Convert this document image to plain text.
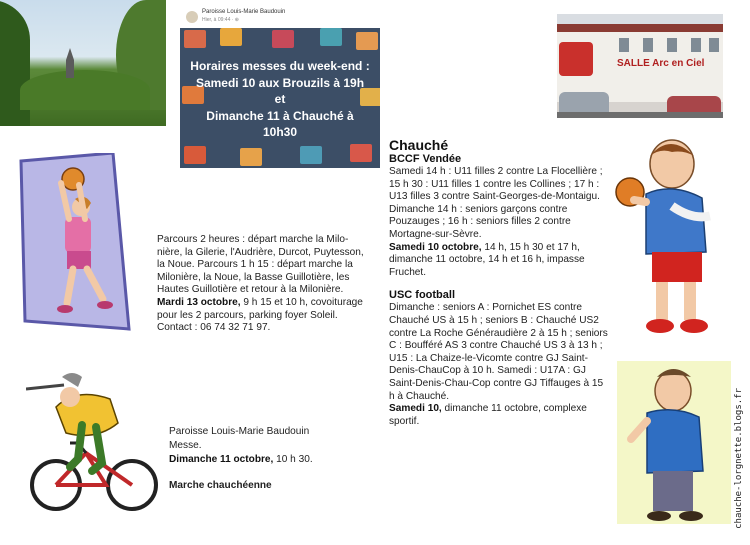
Paroisse Louis-Marie Baudouin
Hier, à 09:44 · ⊕
Horaires messes du week-end :
Samedi 10 aux Brouzils à 19h
et
Dimanche 11 à Chauché à
10h30
SALLE Arc en Ciel

Parcours 2 heures : départ marche la Milonière, la Gilerie, l'Audrière, Durcot, Puytesson, la Noue. Parcours 1 h 15 : départ marche la Milonière, la Noue, la Basse Guillotière, les Hautes Guillotière et retour à la Milonière.

Mardi 13 octobre, 9 h 15 et 10 h, covoiturage pour les 2 parcours, parking foyer Soleil. Contact : 06 74 32 71 97.

Paroisse Louis-Marie Baudouin

Messe.

Dimanche 11 octobre, 10 h 30.

Marche chauchéenne

Chauché
BCCF Vendée

Samedi 14 h : U11 filles 2 contre La Flocellière ; 15 h 30 : U11 filles 1 contre les Collines ; 17 h : U13 filles 3 contre Saint-Georges-de-Montaigu. Dimanche 14 h : seniors garçons contre Pouzauges ; 16 h : seniors filles 2 contre Mortagne-sur-Sèvre.

Samedi 10 octobre, 14 h, 15 h 30 et 17 h, dimanche 11 octobre, 14 h et 16 h, impasse Fruchet.

USC football

Dimanche : seniors A : Pornichet ES contre Chauché US à 15 h ; seniors B : Chauché US2 contre La Roche Généraudière 2 à 15 h ; seniors C : Boufféré AS 3 contre Chauché US 3 à 13 h ; U15 : La Chaize-le-Vicomte contre GJ Saint-Denis-ChauCop à 10 h. Samedi : U17A : GJ Saint-Denis-Chau-Cop contre GJ Tiffauges à 15 h à Chauché.

Samedi 10, dimanche 11 octobre, complexe sportif.	chauche-lorgnette.blogs.fr
